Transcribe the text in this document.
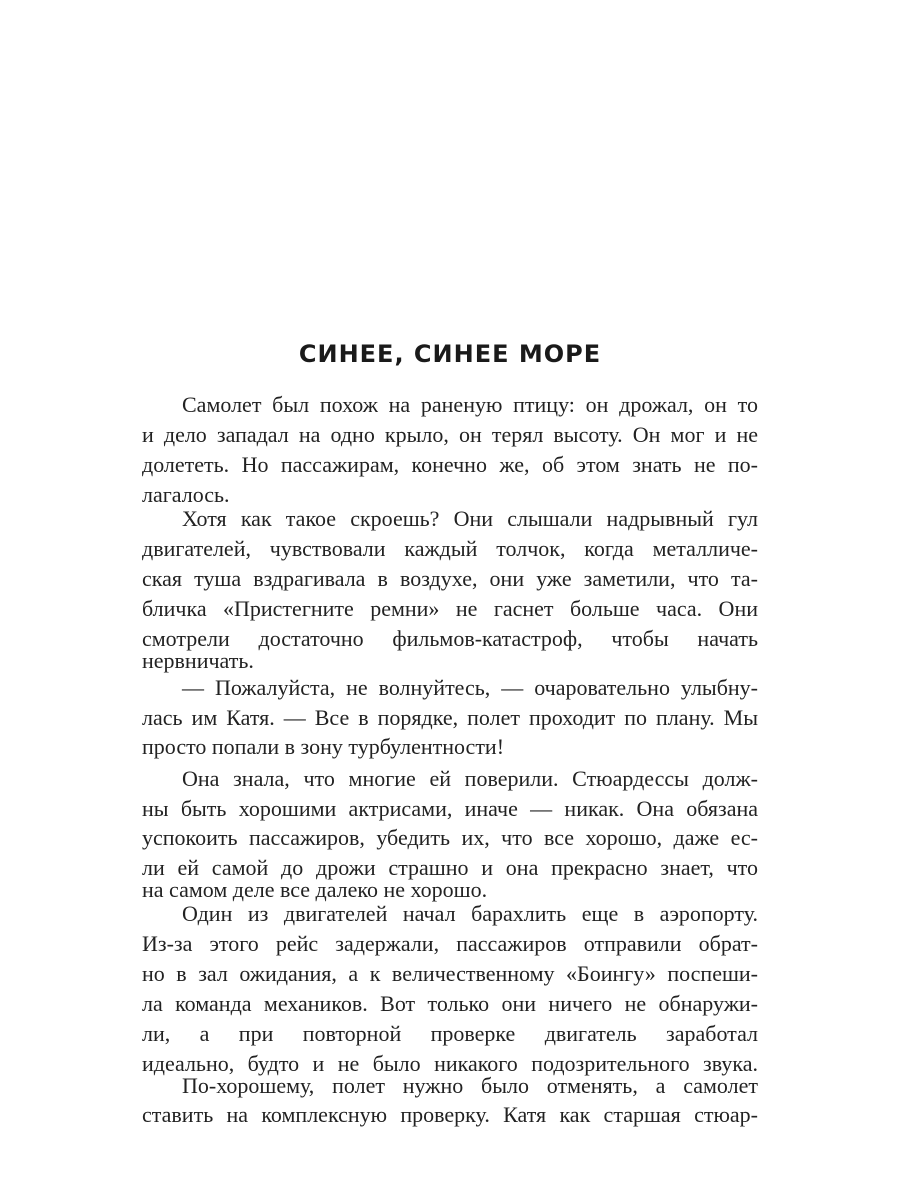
СИНЕЕ, СИНЕЕ МОРЕ
Самолет был похож на раненую птицу: он дрожал, он то
и дело западал на одно крыло, он терял высоту. Он мог и не
долететь. Но пассажирам, конечно же, об этом знать не по-
лагалось.
Хотя как такое скроешь? Они слышали надрывный гул
двигателей, чувствовали каждый толчок, когда металличе-
ская туша вздрагивала в воздухе, они уже заметили, что та-
бличка «Пристегните ремни» не гаснет больше часа. Они
смотрели достаточно фильмов-катастроф, чтобы начать
нервничать.
— Пожалуйста, не волнуйтесь, — очаровательно улыбну-
лась им Катя. — Все в порядке, полет проходит по плану. Мы
просто попали в зону турбулентности!
Она знала, что многие ей поверили. Стюардессы долж-
ны быть хорошими актрисами, иначе — никак. Она обязана
успокоить пассажиров, убедить их, что все хорошо, даже ес-
ли ей самой до дрожи страшно и она прекрасно знает, что
на самом деле все далеко не хорошо.
Один из двигателей начал барахлить еще в аэропорту.
Из-за этого рейс задержали, пассажиров отправили обрат-
но в зал ожидания, а к величественному «Боингу» поспеши-
ла команда механиков. Вот только они ничего не обнаружи-
ли, а при повторной проверке двигатель заработал
идеально, будто и не было никакого подозрительного звука.
По-хорошему, полет нужно было отменять, а самолет
ставить на комплексную проверку. Катя как старшая стюар-
